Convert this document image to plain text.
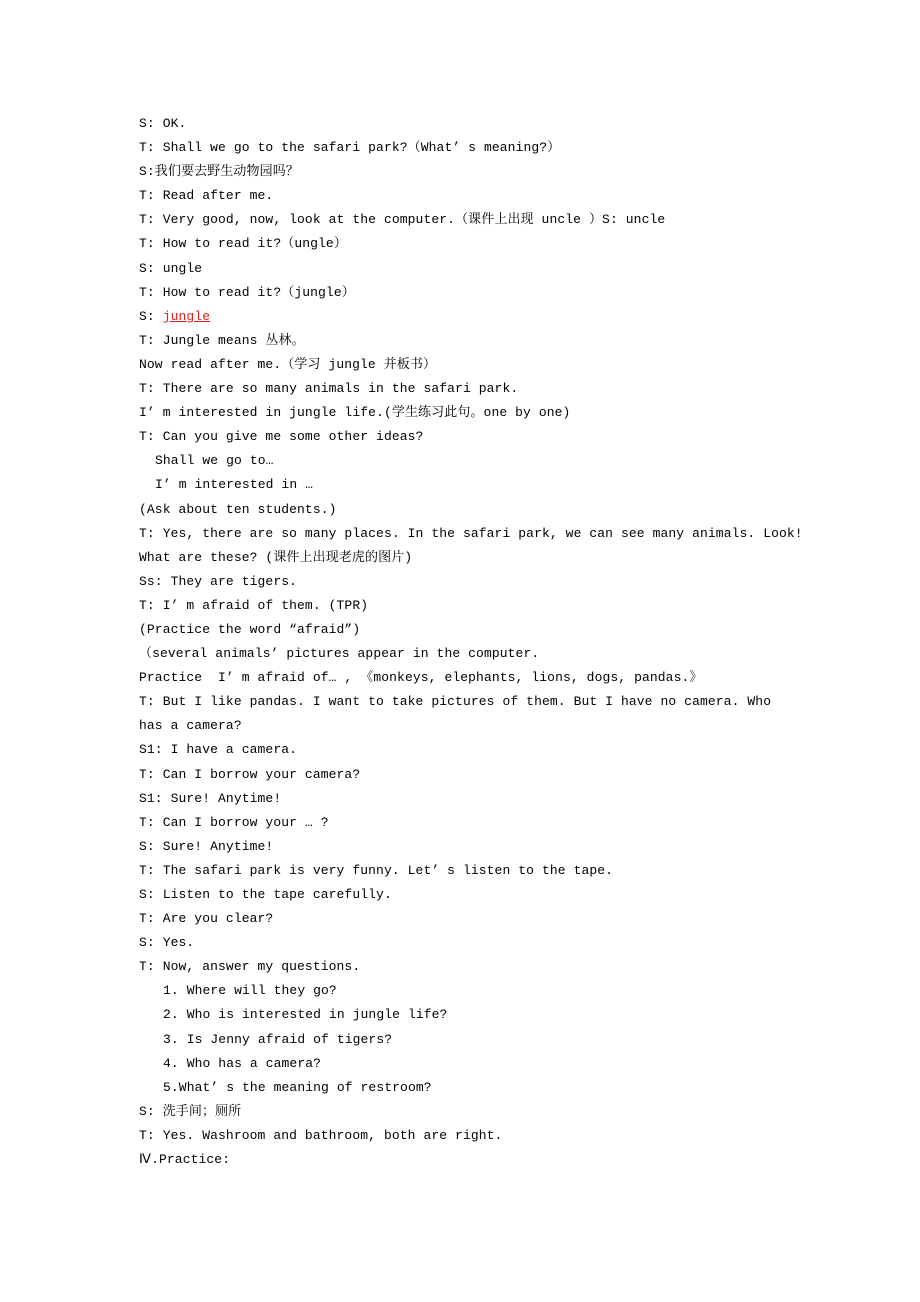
S: OK.
T: Shall we go to the safari park?（What’ s meaning?）
S:我们要去野生动物园吗？
T: Read after me.
T: Very good, now, look at the computer.（课件上出现 uncle ）S: uncle
T: How to read it?（ungle）
S: ungle
T: How to read it?（jungle）
S: jungle
T: Jungle means 丛林。
Now read after me.（学习 jungle 并板书）
T: There are so many animals in the safari park.
I’ m interested in jungle life.(学生练习此句。one by one)
T: Can you give me some other ideas?
Shall we go to…
I’ m interested in …
(Ask about ten students.)
T: Yes, there are so many places. In the safari park, we can see many animals. Look!
What are these? (课件上出现老虎的图片)
Ss: They are tigers.
T: I’ m afraid of them. (TPR)
(Practice the word “afraid”)
（several animals’ pictures appear in the computer.
Practice  I’ m afraid of… , 《monkeys, elephants, lions, dogs, pandas.》
T: But I like pandas. I want to take pictures of them. But I have no camera. Who
has a camera?
S1: I have a camera.
T: Can I borrow your camera?
S1: Sure! Anytime!
T: Can I borrow your … ?
S: Sure! Anytime!
T: The safari park is very funny. Let’ s listen to the tape.
S: Listen to the tape carefully.
T: Are you clear?
S: Yes.
T: Now, answer my questions.
1. Where will they go?
2. Who is interested in jungle life?
3. Is Jenny afraid of tigers?
4. Who has a camera?
5.What’ s the meaning of restroom?
S: 洗手间；厕所
T: Yes. Washroom and bathroom, both are right.
Ⅳ.Practice:
